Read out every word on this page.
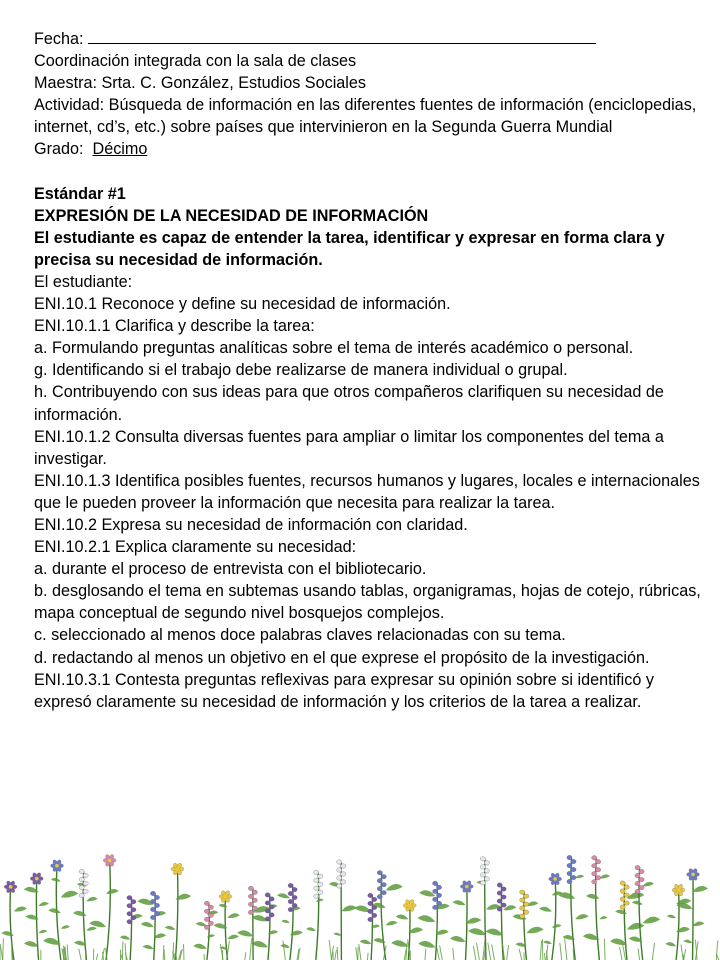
Fecha:
Coordinación integrada con la sala de clases
Maestra: Srta. C. González, Estudios Sociales
Actividad: Búsqueda de información en las diferentes fuentes de información (enciclopedias, internet, cd’s, etc.) sobre países que intervinieron en la Segunda Guerra Mundial
Grado: Décimo
Estándar #1
EXPRESIÓN DE LA NECESIDAD DE INFORMACIÓN
El estudiante es capaz de entender la tarea, identificar y expresar en forma clara y precisa su necesidad de información.
El estudiante:
ENI.10.1 Reconoce y define su necesidad de información.
ENI.10.1.1 Clarifica y describe la tarea:
a. Formulando preguntas analíticas sobre el tema de interés académico o personal.
g. Identificando si el trabajo debe realizarse de manera individual o grupal.
h. Contribuyendo con sus ideas para que otros compañeros clarifiquen su necesidad de información.
ENI.10.1.2 Consulta diversas fuentes para ampliar o limitar los componentes del tema a investigar.
ENI.10.1.3 Identifica posibles fuentes, recursos humanos y lugares, locales e internacionales que le pueden proveer la información que necesita para realizar la tarea.
ENI.10.2 Expresa su necesidad de información con claridad.
ENI.10.2.1 Explica claramente su necesidad:
a. durante el proceso de entrevista con el bibliotecario.
b. desglosando el tema en subtemas usando tablas, organigramas, hojas de cotejo, rúbricas, mapa conceptual de segundo nivel bosquejos complejos.
c. seleccionado al menos doce palabras claves relacionadas con su tema.
d. redactando al menos un objetivo en el que exprese el propósito de la investigación.
ENI.10.3.1 Contesta preguntas reflexivas para expresar su opinión sobre si identificó y expresó claramente su necesidad de información y los criterios de la tarea a realizar.
